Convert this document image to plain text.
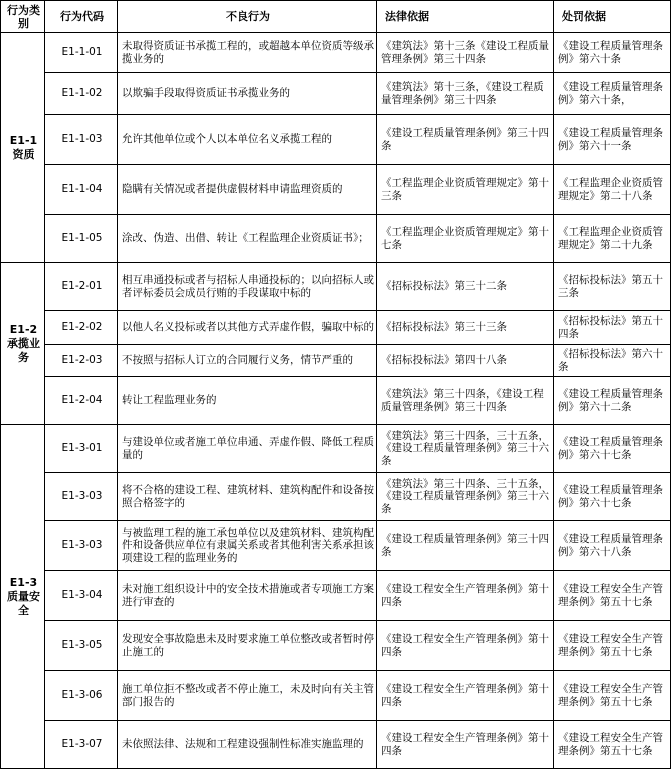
行为类别	行为代码	不良行为	法律依据	处罚依据
E1-1 资质	E1-1-01	未取得资质证书承揽工程的，或超越本单位资质等级承揽业务的	《建筑法》第十三条《建设工程质量管理条例》第三十四条	《建设工程质量管理条例》第六十条
	E1-1-02	以欺骗手段取得资质证书承揽业务的	《建筑法》第十三条，《建设工程质量管理条例》第三十四条	《建设工程质量管理条例》第六十条，
	E1-1-03	允许其他单位或个人以本单位名义承揽工程的	《建设工程质量管理条例》第三十四条	《建设工程质量管理条例》第六十一条
	E1-1-04	隐瞒有关情况或者提供虚假材料申请监理资质的	《工程监理企业资质管理规定》第十三条	《工程监理企业资质管理规定》第二十八条
	E1-1-05	涂改、伪造、出借、转让《工程监理企业资质证书》；	《工程监理企业资质管理规定》第十七条	《工程监理企业资质管理规定》第二十九条
E1-2 承揽业务	E1-2-01	相互串通投标或者与招标人串通投标的；以向招标人或者评标委员会成员行贿的手段谋取中标的	《招标投标法》第三十二条	《招标投标法》第五十三条
	E1-2-02	以他人名义投标或者以其他方式弄虚作假，骗取中标的	《招标投标法》第三十三条	《招标投标法》第五十四条
	E1-2-03	不按照与招标人订立的合同履行义务，情节严重的	《招标投标法》第四十八条	《招标投标法》第六十条
	E1-2-04	转让工程监理业务的	《建筑法》第三十四条，《建设工程质量管理条例》第三十四条	《建设工程质量管理条例》第六十二条
E1-3质量安全	E1-3-01	与建设单位或者施工单位串通、弄虚作假、降低工程质量的	《建筑法》第三十四条，三十五条，《建设工程质量管理条例》第三十六条	《建设工程质量管理条例》第六十七条
	E1-3-03	将不合格的建设工程、建筑材料、建筑构配件和设备按照合格签字的	《建筑法》第三十四条、三十五条，《建设工程质量管理条例》第三十六条	《建设工程质量管理条例》第六十七条
	E1-3-03	与被监理工程的施工承包单位以及建筑材料、建筑构配件和设备供应单位有隶属关系或者其他利害关系承担该项建设工程的监理业务的	《建设工程质量管理条例》第三十四条	《建设工程质量管理条例》第六十八条
	E1-3-04	未对施工组织设计中的安全技术措施或者专项施工方案进行审查的	《建设工程安全生产管理条例》第十四条	《建设工程安全生产管理条例》第五十七条
	E1-3-05	发现安全事故隐患未及时要求施工单位整改或者暂时停止施工的	《建设工程安全生产管理条例》第十四条	《建设工程安全生产管理条例》第五十七条
	E1-3-06	施工单位拒不整改或者不停止施工，未及时向有关主管部门报告的	《建设工程安全生产管理条例》第十四条	《建设工程安全生产管理条例》第五十七条
	E1-3-07	未依照法律、法规和工程建设强制性标准实施监理的	《建设工程安全生产管理条例》第十四条	《建设工程安全生产管理条例》第五十七条
